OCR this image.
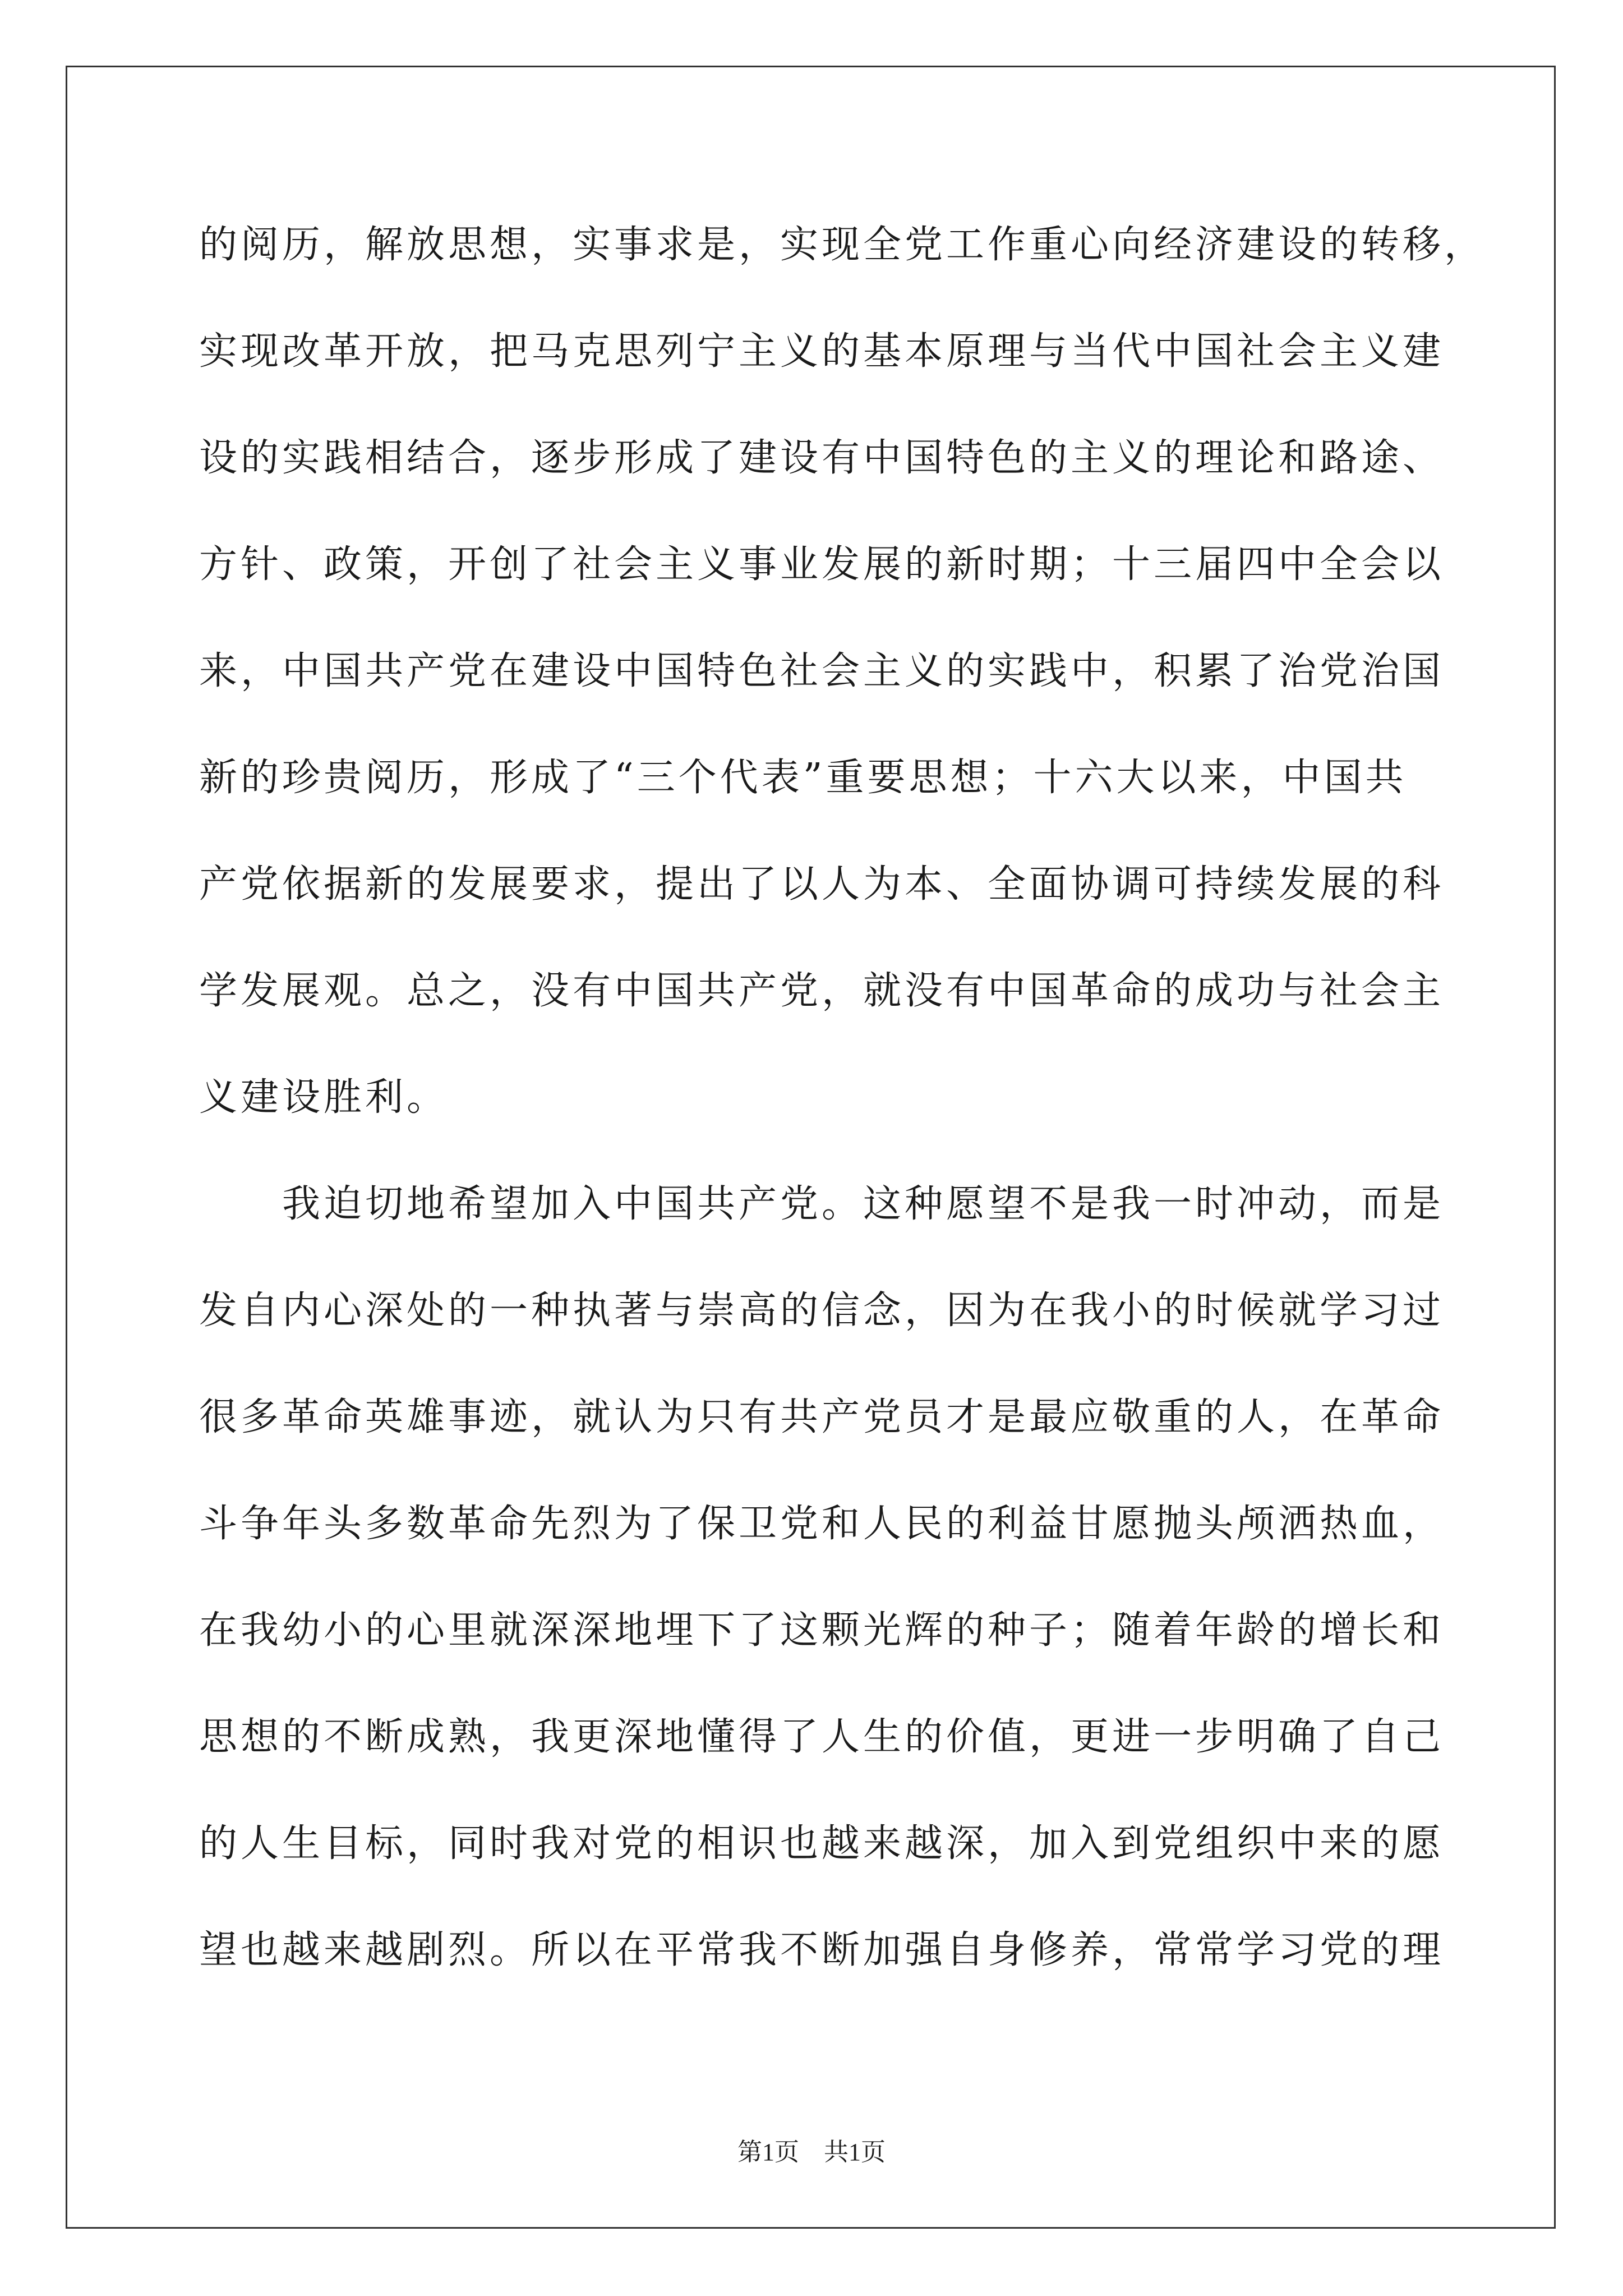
的阅历，解放思想，实事求是，实现全党工作重心向经济建设的转移，
实现改革开放，把马克思列宁主义的基本原理与当代中国社会主义建
设的实践相结合，逐步形成了建设有中国特色的主义的理论和路途、
方针、政策，开创了社会主义事业发展的新时期；十三届四中全会以
来，中国共产党在建设中国特色社会主义的实践中，积累了治党治国
新的珍贵阅历，形成了“三个代表”重要思想；十六大以来，中国共
产党依据新的发展要求，提出了以人为本、全面协调可持续发展的科
学发展观。总之，没有中国共产党，就没有中国革命的成功与社会主
义建设胜利。
　　我迫切地希望加入中国共产党。这种愿望不是我一时冲动，而是
发自内心深处的一种执著与崇高的信念，因为在我小的时候就学习过
很多革命英雄事迹，就认为只有共产党员才是最应敬重的人，在革命
斗争年头多数革命先烈为了保卫党和人民的利益甘愿抛头颅洒热血，
在我幼小的心里就深深地埋下了这颗光辉的种子；随着年龄的增长和
思想的不断成熟，我更深地懂得了人生的价值，更进一步明确了自己
的人生目标，同时我对党的相识也越来越深，加入到党组织中来的愿
望也越来越剧烈。所以在平常我不断加强自身修养，常常学习党的理
第1页　共1页
